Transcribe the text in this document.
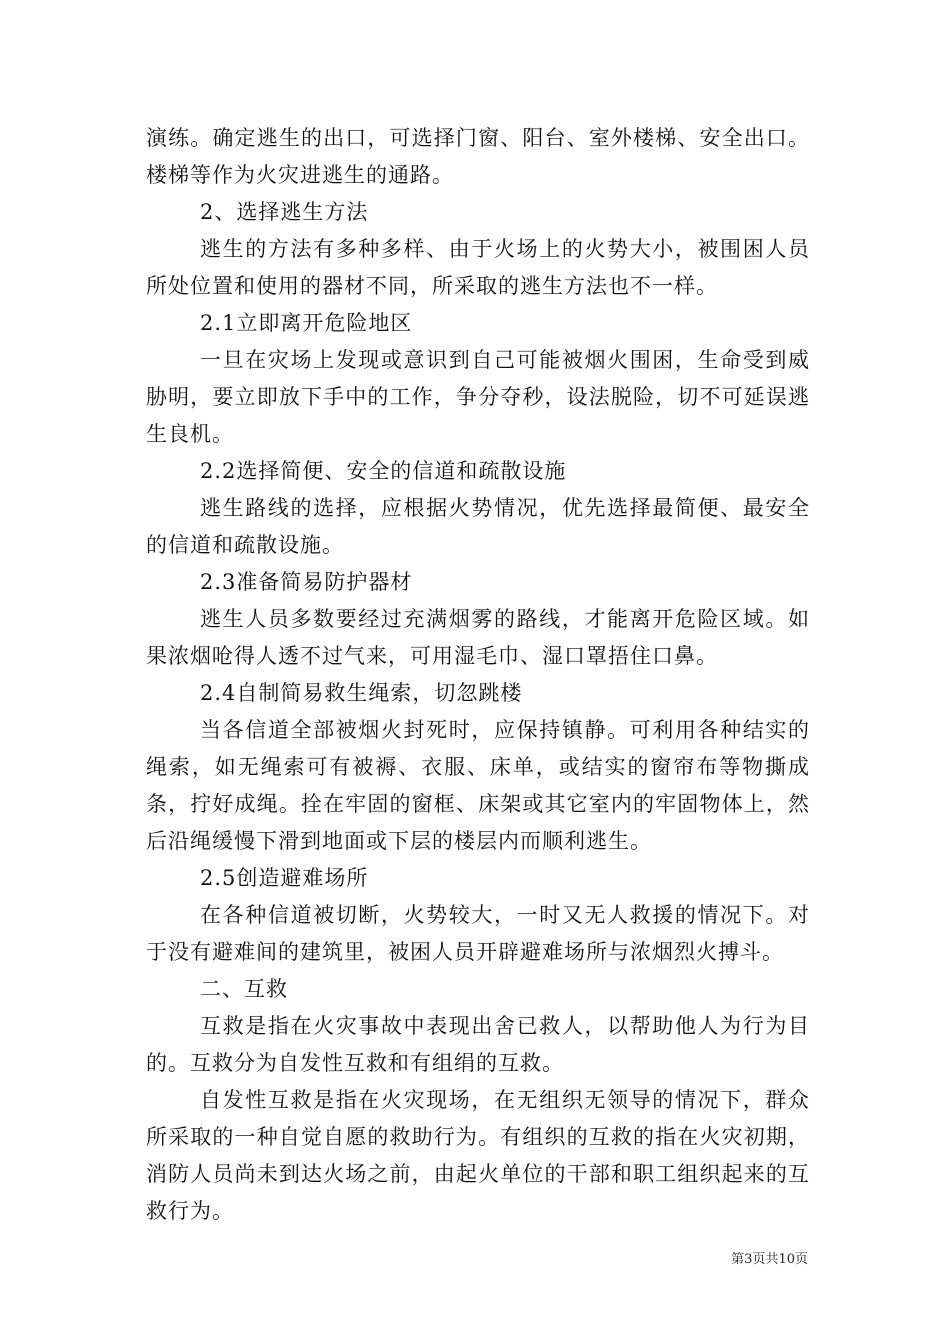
演练。确定逃生的出口，可选择门窗、阳台、室外楼梯、安全出口。楼梯等作为火灾进逃生的通路。

2、选择逃生方法

逃生的方法有多种多样、由于火场上的火势大小，被围困人员所处位置和使用的器材不同，所采取的逃生方法也不一样。

2.1立即离开危险地区

一旦在灾场上发现或意识到自己可能被烟火围困，生命受到威胁明，要立即放下手中的工作，争分夺秒，设法脱险，切不可延误逃生良机。

2.2选择简便、安全的信道和疏散设施

逃生路线的选择，应根据火势情况，优先选择最简便、最安全的信道和疏散设施。

2.3准备简易防护器材

逃生人员多数要经过充满烟雾的路线，才能离开危险区域。如果浓烟呛得人透不过气来，可用湿毛巾、湿口罩捂住口鼻。

2.4自制简易救生绳索，切忽跳楼

当各信道全部被烟火封死时，应保持镇静。可利用各种结实的绳索，如无绳索可有被褥、衣服、床单，或结实的窗帘布等物撕成条，拧好成绳。拴在牢固的窗框、床架或其它室内的牢固物体上，然后沿绳缓慢下滑到地面或下层的楼层内而顺利逃生。

2.5创造避难场所

在各种信道被切断，火势较大，一时又无人救援的情况下。对于没有避难间的建筑里，被困人员开辟避难场所与浓烟烈火搏斗。

二、互救

互救是指在火灾事故中表现出舍已救人，以帮助他人为行为目的。互救分为自发性互救和有组绢的互救。

自发性互救是指在火灾现场，在无组织无领导的情况下，群众所采取的一种自觉自愿的救助行为。有组织的互救的指在火灾初期，消防人员尚未到达火场之前，由起火单位的干部和职工组织起来的互救行为。

第3页共10页
